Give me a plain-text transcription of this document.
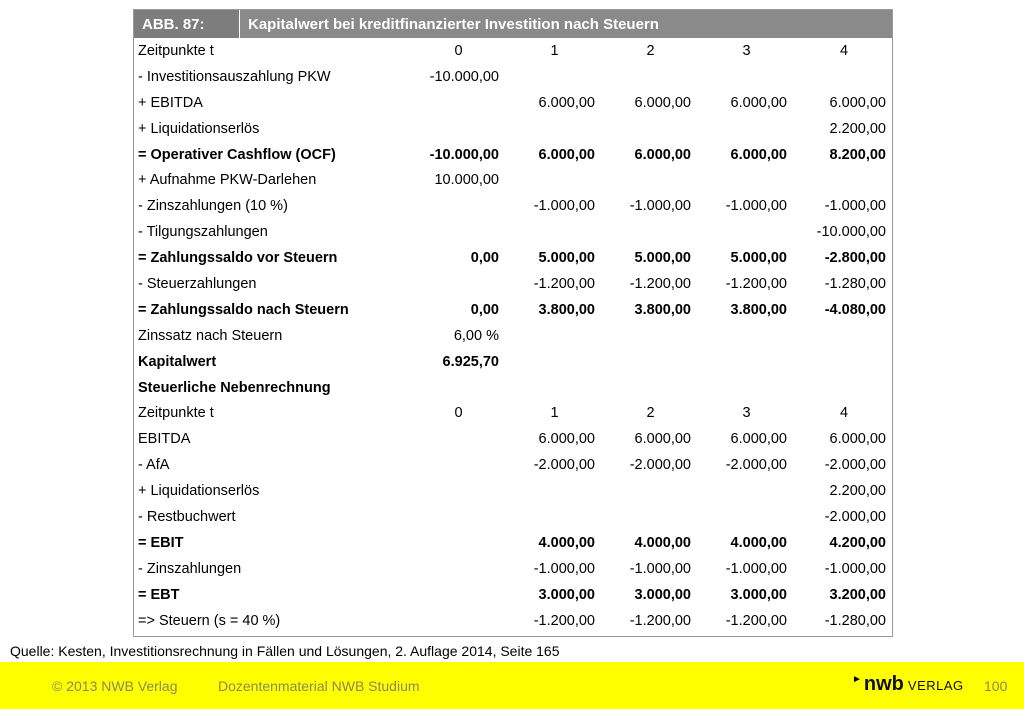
ABB. 87:	Kapitalwert bei kreditfinanzierter Investition nach Steuern
Zeitpunkte t	0	1	2	3	4
- Investitionsauszahlung PKW	-10.000,00				
+ EBITDA		6.000,00	6.000,00	6.000,00	6.000,00
+ Liquidationserlös					2.200,00
= Operativer Cashflow (OCF)	-10.000,00	6.000,00	6.000,00	6.000,00	8.200,00
+ Aufnahme PKW-Darlehen	10.000,00				
- Zinszahlungen (10 %)		-1.000,00	-1.000,00	-1.000,00	-1.000,00
- Tilgungszahlungen					-10.000,00
= Zahlungssaldo vor Steuern	0,00	5.000,00	5.000,00	5.000,00	-2.800,00
- Steuerzahlungen		-1.200,00	-1.200,00	-1.200,00	-1.280,00
= Zahlungssaldo nach Steuern	0,00	3.800,00	3.800,00	3.800,00	-4.080,00
Zinssatz nach Steuern	6,00 %				
Kapitalwert	6.925,70				
Steuerliche Nebenrechnung					
Zeitpunkte t	0	1	2	3	4
EBITDA		6.000,00	6.000,00	6.000,00	6.000,00
- AfA		-2.000,00	-2.000,00	-2.000,00	-2.000,00
+ Liquidationserlös					2.200,00
- Restbuchwert					-2.000,00
= EBIT		4.000,00	4.000,00	4.000,00	4.200,00
- Zinszahlungen		-1.000,00	-1.000,00	-1.000,00	-1.000,00
= EBT		3.000,00	3.000,00	3.000,00	3.200,00
=> Steuern (s = 40 %)		-1.200,00	-1.200,00	-1.200,00	-1.280,00
Quelle: Kesten, Investitionsrechnung in Fällen und Lösungen, 2. Auflage 2014, Seite 165
© 2013 NWB Verlag	Dozentenmaterial NWB Studium	► nwb VERLAG 100
